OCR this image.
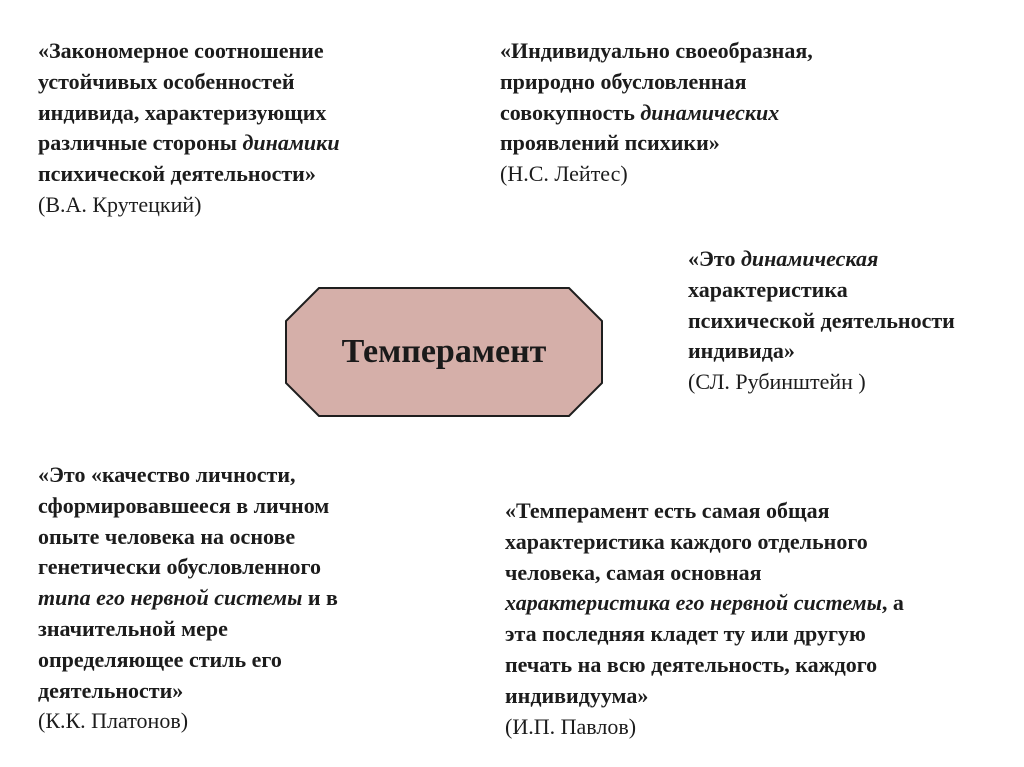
«Закономерное соотношение
устойчивых особенностей
индивида, характеризующих
различные стороны динамики
психической деятельности»
(В.А. Крутецкий)
«Индивидуально своеобразная,
природно обусловленная
совокупность динамических
проявлений психики»
(Н.С. Лейтес)
Темперамент
«Это динамическая
характеристика
психической деятельности
индивида»
(СЛ. Рубинштейн )
«Это «качество личности,
сформировавшееся в личном
опыте человека на основе
генетически обусловленного
типа его нервной системы и в
значительной мере
определяющее стиль его
деятельности»
(К.К. Платонов)
«Темперамент есть самая общая
характеристика каждого отдельного
человека, самая основная
характеристика его нервной системы, а
эта последняя кладет ту или другую
печать на всю деятельность, каждого
индивидуума»
(И.П. Павлов)
